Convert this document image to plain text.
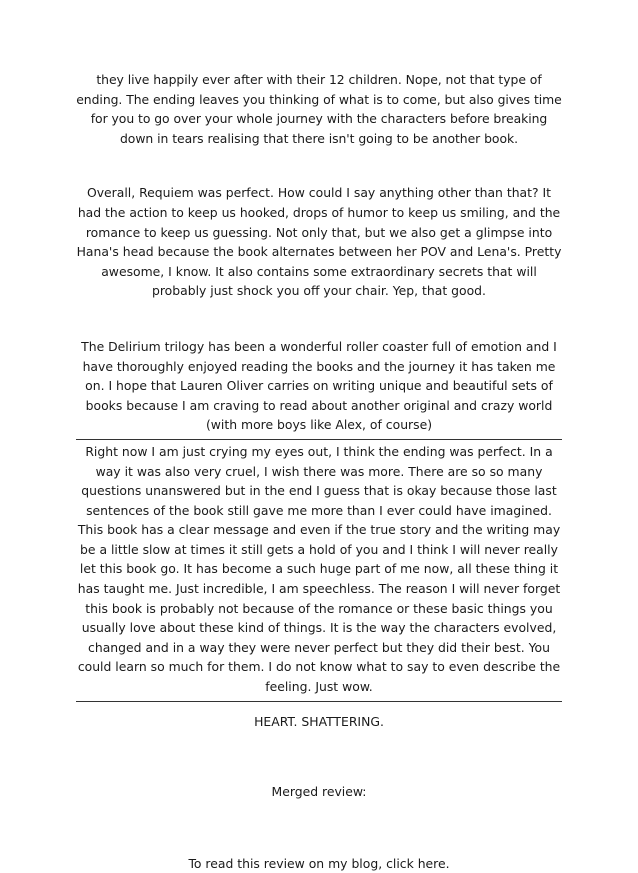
they live happily ever after with their 12 children. Nope, not that type of ending. The ending leaves you thinking of what is to come, but also gives time for you to go over your whole journey with the characters before breaking down in tears realising that there isn't going to be another book.

Overall, Requiem was perfect. How could I say anything other than that? It had the action to keep us hooked, drops of humor to keep us smiling, and the romance to keep us guessing. Not only that, but we also get a glimpse into Hana's head because the book alternates between her POV and Lena's. Pretty awesome, I know. It also contains some extraordinary secrets that will probably just shock you off your chair. Yep, that good.

The Delirium trilogy has been a wonderful roller coaster full of emotion and I have thoroughly enjoyed reading the books and the journey it has taken me on. I hope that Lauren Oliver carries on writing unique and beautiful sets of books because I am craving to read about another original and crazy world (with more boys like Alex, of course)

Right now I am just crying my eyes out, I think the ending was perfect. In a way it was also very cruel, I wish there was more. There are so so many questions unanswered but in the end I guess that is okay because those last sentences of the book still gave me more than I ever could have imagined. This book has a clear message and even if the true story and the writing may be a little slow at times it still gets a hold of you and I think I will never really let this book go. It has become a such huge part of me now, all these thing it has taught me. Just incredible, I am speechless. The reason I will never forget this book is probably not because of the romance or these basic things you usually love about these kind of things. It is the way the characters evolved, changed and in a way they were never perfect but they did their best. You could learn so much for them. I do not know what to say to even describe the feeling. Just wow.

HEART. SHATTERING.

Merged review:

To read this review on my blog, click here.
